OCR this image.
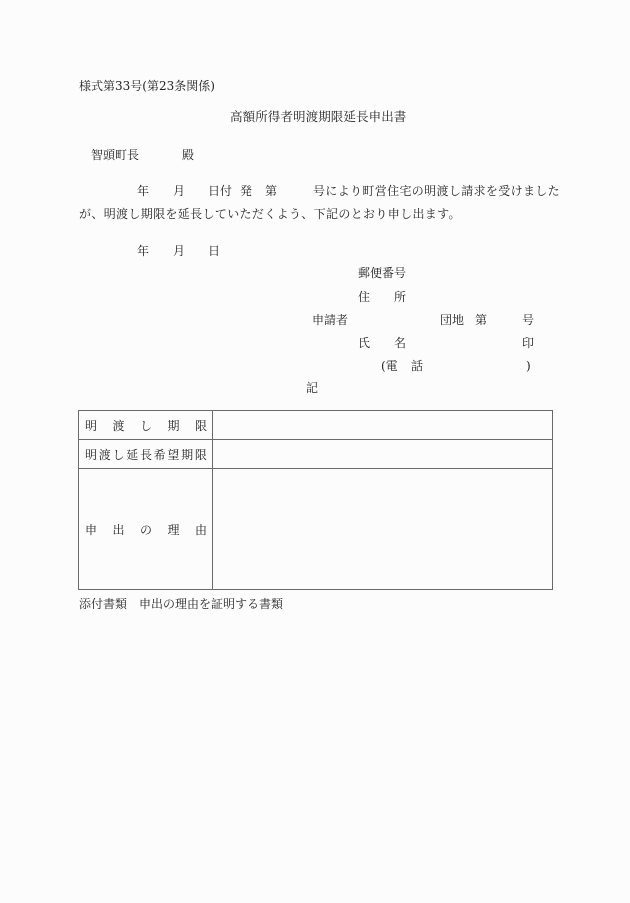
様式第33号(第23条関係)
高額所得者明渡期限延長申出書
智頭町長	殿
年 月 日付 発 第	号により町営住宅の明渡し請求を受けました
が、明渡し期限を延長していただくよう、下記のとおり申し出ます。
年 月 日
郵便番号
住 所
申請者	団地 第	号
氏 名	印
(電 話	)
記
明 渡 し 期 限	

明 渡 し 延 長 希 望 期 限

申 出 の 理 由	

添付書類　申出の理由を証明する書類
